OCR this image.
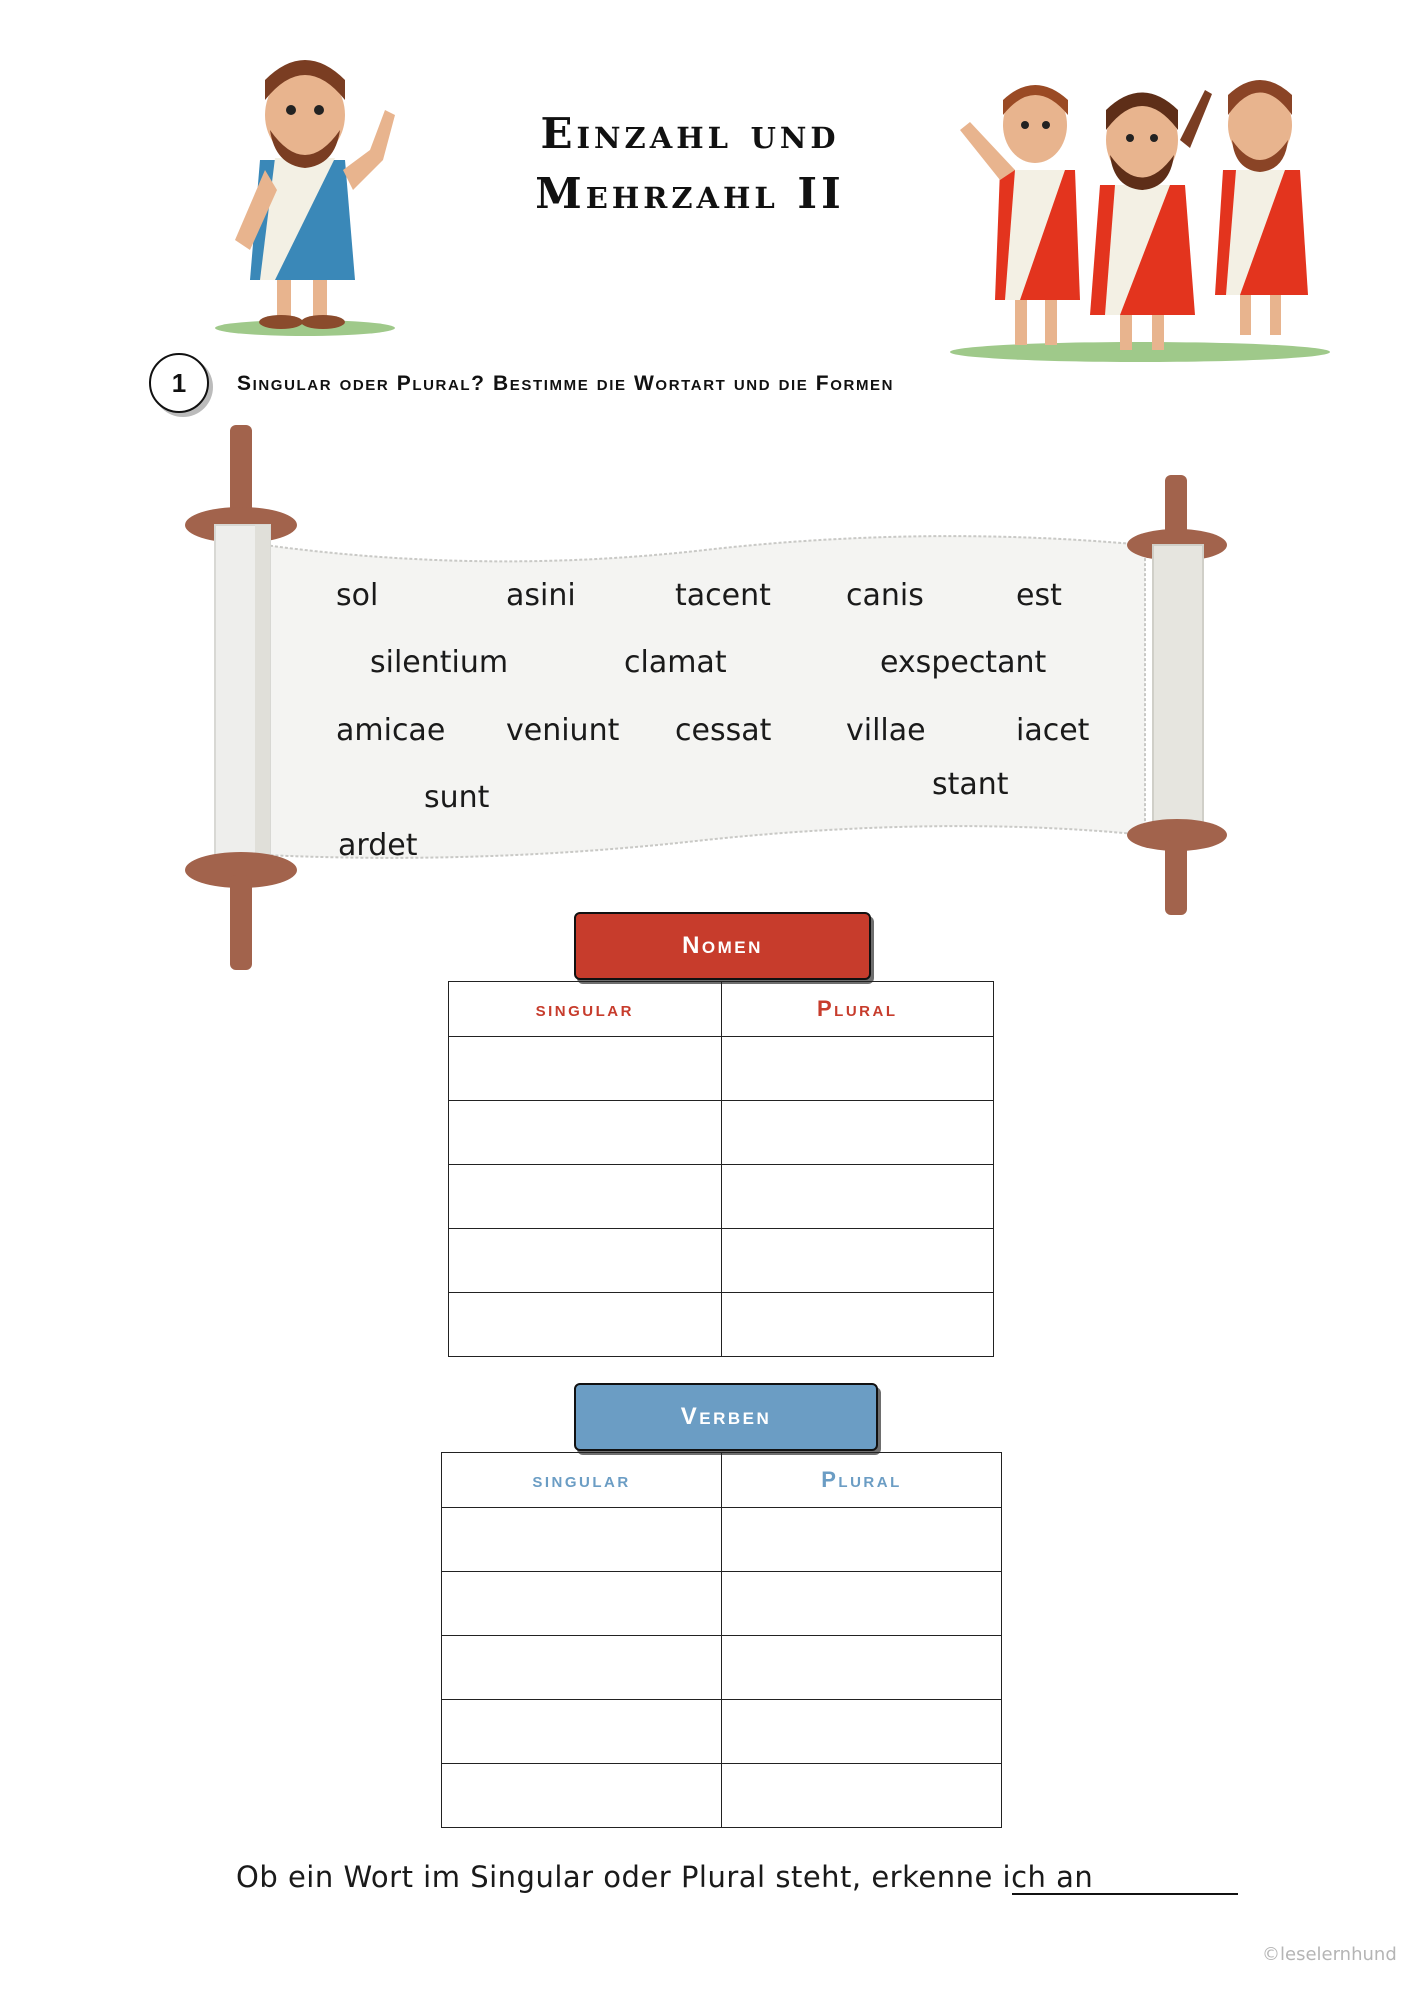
Einzahl und
Mehrzahl II
1 Singular oder Plural? Bestimme die Wortart und die Formen
sol	asini	tacent	canis	est
silentium	clamat	exspectant
amicae veniunt cessat villae	iacet
sunt	stant
ardet
Nomen
singular	Plural

Verben
singular	Plural

Ob ein Wort im Singular oder Plural steht, erkenne ich an
©leselernhund
